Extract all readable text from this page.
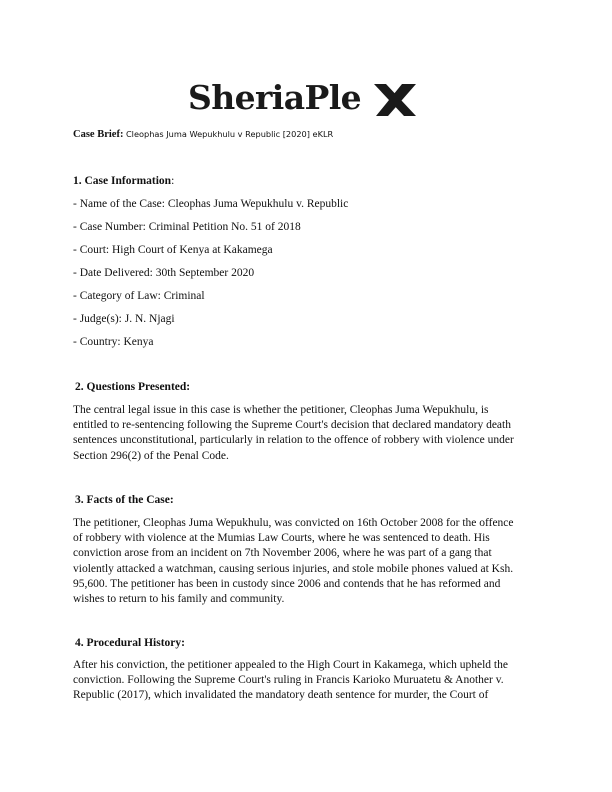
SheriaPle
Case Brief: Cleophas Juma Wepukhulu v Republic [2020] eKLR
1. Case Information:
- Name of the Case: Cleophas Juma Wepukhulu v. Republic
- Case Number: Criminal Petition No. 51 of 2018
- Court: High Court of Kenya at Kakamega
- Date Delivered: 30th September 2020
- Category of Law: Criminal
- Judge(s): J. N. Njagi
- Country: Kenya
2. Questions Presented:
The central legal issue in this case is whether the petitioner, Cleophas Juma Wepukhulu, is
entitled to re-sentencing following the Supreme Court's decision that declared mandatory death
sentences unconstitutional, particularly in relation to the offence of robbery with violence under
Section 296(2) of the Penal Code.
3. Facts of the Case:
The petitioner, Cleophas Juma Wepukhulu, was convicted on 16th October 2008 for the offence
of robbery with violence at the Mumias Law Courts, where he was sentenced to death. His
conviction arose from an incident on 7th November 2006, where he was part of a gang that
violently attacked a watchman, causing serious injuries, and stole mobile phones valued at Ksh.
95,600. The petitioner has been in custody since 2006 and contends that he has reformed and
wishes to return to his family and community.
4. Procedural History:
After his conviction, the petitioner appealed to the High Court in Kakamega, which upheld the
conviction. Following the Supreme Court's ruling in Francis Karioko Muruatetu & Another v.
Republic (2017), which invalidated the mandatory death sentence for murder, the Court of
